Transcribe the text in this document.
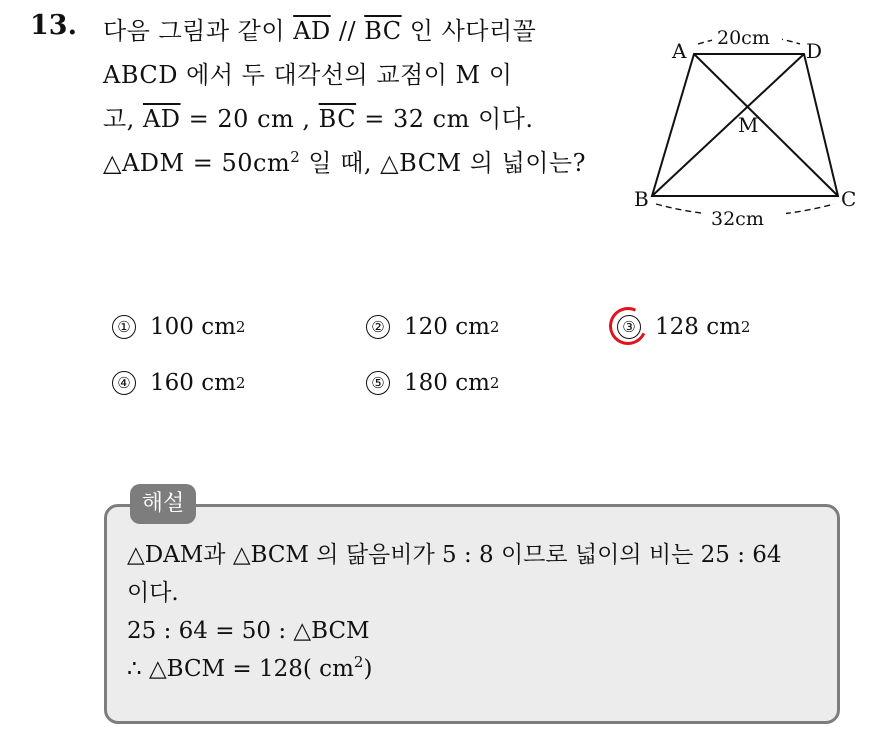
13. 다음 그림과 같이 $\overline{AD} // \overline{BC}$ 인 사다리꼴
ABCD 에서 두 대각선의 교점이 M 이
고, $\overline{AD} = 20$ cm , $\overline{BC} = 32$ cm 이다.
△ADM = $50cm^2$ 일 때, △BCM 의 넓이는?
A	D
B	C
M
20cm
32cm
① 100 cm 2	② 120 cm 2	③ 128 cm 2
④ 160 cm 2	⑤ 180 cm 2
해설
△DAM과 △BCM 의 닮음비가 5 : 8 이므로 넓이의 비는 25 : 64
이다.
25 : 64 = 50 : △BCM
∴ △BCM = 128( $cm^2$)
